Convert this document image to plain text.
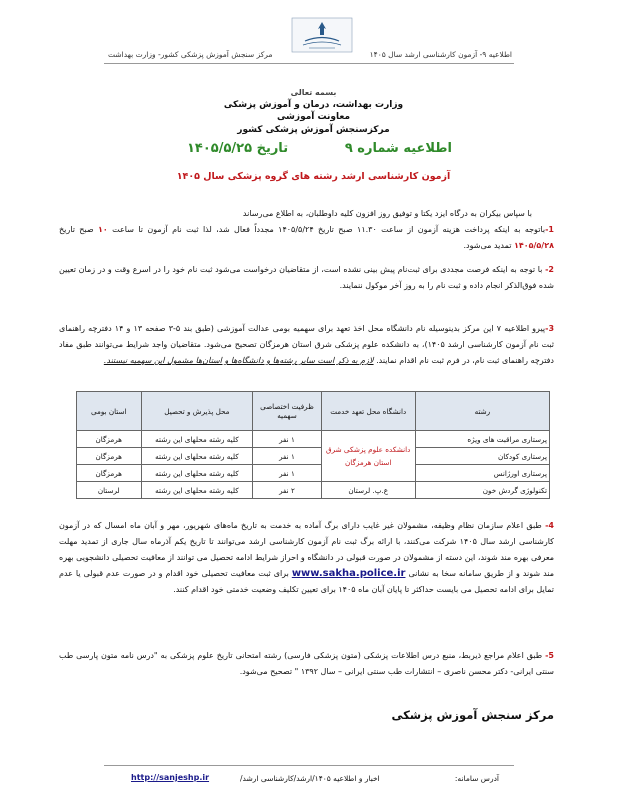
مرکز سنجش آموزش پزشکی کشور- وزارت بهداشت	اطلاعیه ۹- آزمون کارشناسی ارشد سال ۱۴۰۵
بسمه تعالی
وزارت بهداشت، درمان و آموزش پزشکی
معاونت آموزشی
مرکزسنجش آموزش پزشکی کشور
اطلاعیه شماره ۹
تاریخ ۱۴۰۵/۵/۲۵
آزمون کارشناسی ارشد رشته های گروه پزشکی سال ۱۴۰۵
با سپاس بیکران به درگاه ایزد یکتا و توفیق روز افزون کلیه داوطلبان، به اطلاع می‌رساند
1-باتوجه به اینکه پرداخت هزینه آزمون از ساعت ۱۱.۳۰ صبح تاریخ ۱۴۰۵/۵/۲۴ مجدداً فعال شد، لذا ثبت نام آزمون تا ساعت ۱۰ صبح تاریخ ۱۴۰۵/۵/۲۸ تمدید می‌شود.
2- با توجه به اینکه فرصت مجددی برای ثبت‌نام پیش بینی نشده است، از متقاضیان درخواست می‌شود ثبت نام خود را در اسرع وقت و در زمان تعیین شده فوق‌الذکر انجام داده و ثبت نام را به روز آخر موکول ننمایند.
3-پیرو اطلاعیه ۷ این مرکز بدینوسیله نام دانشگاه محل اخذ تعهد برای سهمیه بومی عدالت آموزشی (طبق بند ۵-۳ صفحه ۱۳ و ۱۴ دفترچه راهنمای ثبت نام آزمون کارشناسی ارشد ۱۴۰۵)، به دانشکده علوم پزشکی شرق استان هرمزگان تصحیح می‌شود. متقاضیان واجد شرایط می‌توانند طبق مفاد دفترچه راهنمای ثبت نام، در فرم ثبت نام اقدام نمایند. لازم به ذکر است سایر رشته‌ها و دانشگاه‌ها و استان‌ها مشمول این سهمیه نیستند.
رشته	دانشگاه محل تعهد خدمت	ظرفیت اختصاصی سهمیه	محل پذیرش و تحصیل	استان بومی
پرستاری مراقبت های ویژه	دانشکده علوم پزشکی شرق استان هرمزگان	۱ نفر	کلیه رشته محلهای این رشته	هرمزگان
پرستاری کودکان		۱ نفر	کلیه رشته محلهای این رشته	هرمزگان
پرستاری اورژانس		۱ نفر	کلیه رشته محلهای این رشته	هرمزگان
تکنولوژی گردش خون	ع.پ. لرستان	۲ نفر	کلیه رشته محلهای این رشته	لرستان
4- طبق اعلام سازمان نظام وظیفه، مشمولان غیر غایب دارای برگ آماده به خدمت به تاریخ ماه‌های شهریور، مهر و آبان ماه امسال که در آزمون کارشناسی ارشد سال ۱۴۰۵ شرکت می‌کنند، با ارائه برگ ثبت نام آزمون کارشناسی ارشد می‌توانند تا تاریخ یکم آذرماه سال جاری از تمدید مهلت معرفی بهره مند شوند، این دسته از مشمولان در صورت قبولی در دانشگاه و احراز شرایط ادامه تحصیل می توانند از معافیت تحصیلی دانشجویی بهره مند شوند و از طریق سامانه سخا به نشانی www.sakha.police.ir برای ثبت معافیت تحصیلی خود اقدام و در صورت عدم قبولی یا عدم تمایل برای ادامه تحصیل می بایست حداکثر تا پایان آبان ماه ۱۴۰۵ برای تعیین تکلیف وضعیت خدمتی خود اقدام کنند.
5- طبق اعلام مراجع ذیربط، منبع درس اطلاعات پزشکی (متون پزشکی فارسی) رشته امتحانی تاریخ علوم پزشکی به "درس نامه متون پارسی طب سنتی ایرانی- دکتر محسن ناصری – انتشارات طب سنتی ایرانی – سال ۱۳۹۲ " تصحیح می‌شود.
مرکز سنجش آموزش پزشکی
آدرس سامانه:
اخبار و اطلاعیه ۱۴۰۵/ارشد/کارشناسی ارشد/
http://sanjeshp.ir
